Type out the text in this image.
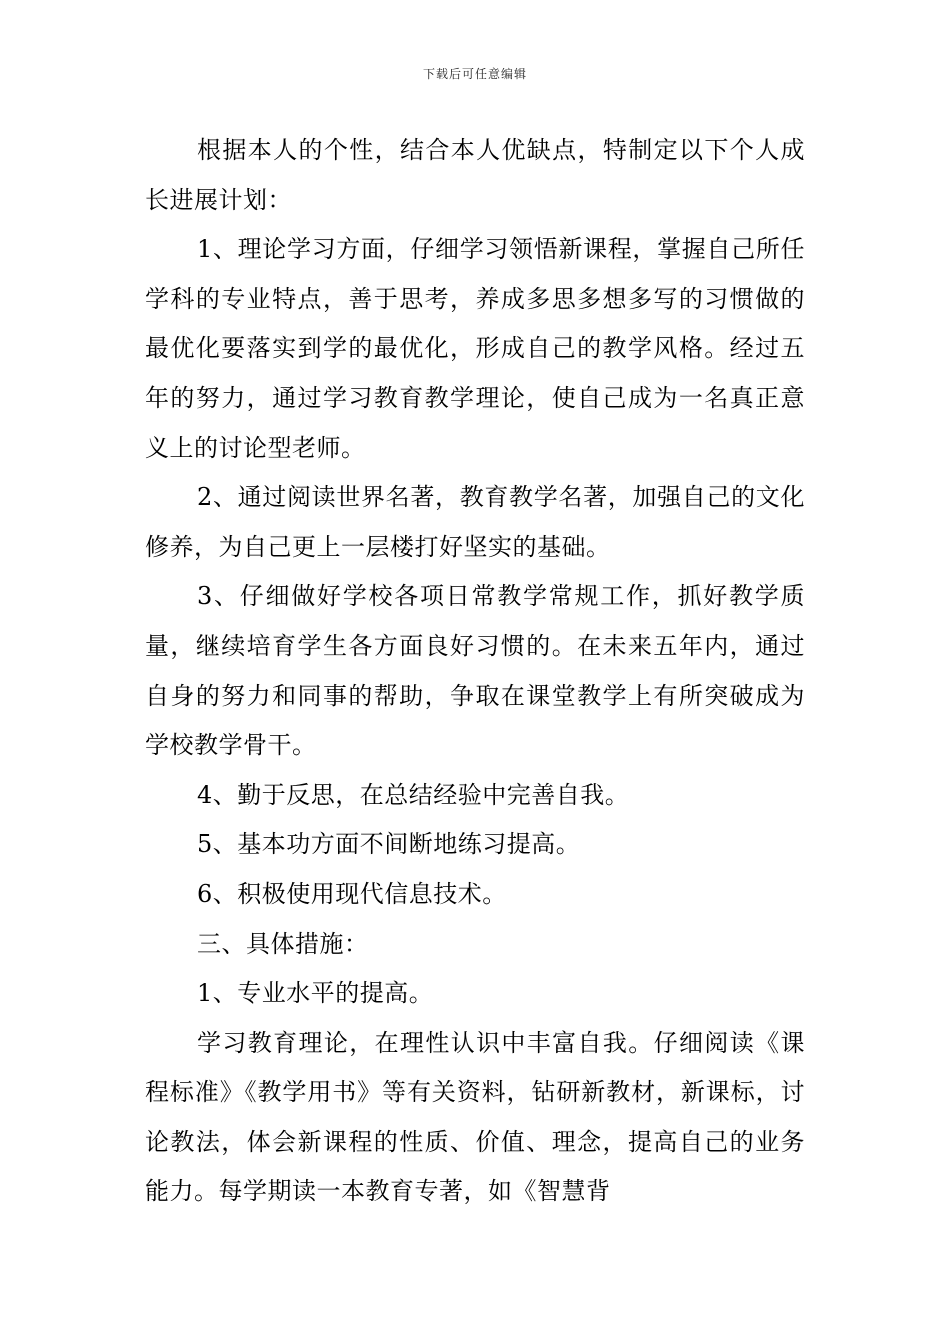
下载后可任意编辑

根据本人的个性，结合本人优缺点，特制定以下个人成长进展计划：

1、理论学习方面，仔细学习领悟新课程，掌握自己所任学科的专业特点，善于思考，养成多思多想多写的习惯做的最优化要落实到学的最优化，形成自己的教学风格。经过五年的努力，通过学习教育教学理论，使自己成为一名真正意义上的讨论型老师。

2、通过阅读世界名著，教育教学名著，加强自己的文化修养，为自己更上一层楼打好坚实的基础。

3、仔细做好学校各项日常教学常规工作，抓好教学质量，继续培育学生各方面良好习惯的。在未来五年内，通过自身的努力和同事的帮助，争取在课堂教学上有所突破成为学校教学骨干。

4、勤于反思，在总结经验中完善自我。

5、基本功方面不间断地练习提高。

6、积极使用现代信息技术。

三、具体措施：

1、专业水平的提高。

学习教育理论，在理性认识中丰富自我。仔细阅读《课程标准》《教学用书》等有关资料，钻研新教材，新课标，讨论教法，体会新课程的性质、价值、理念，提高自己的业务能力。每学期读一本教育专著，如《智慧背
